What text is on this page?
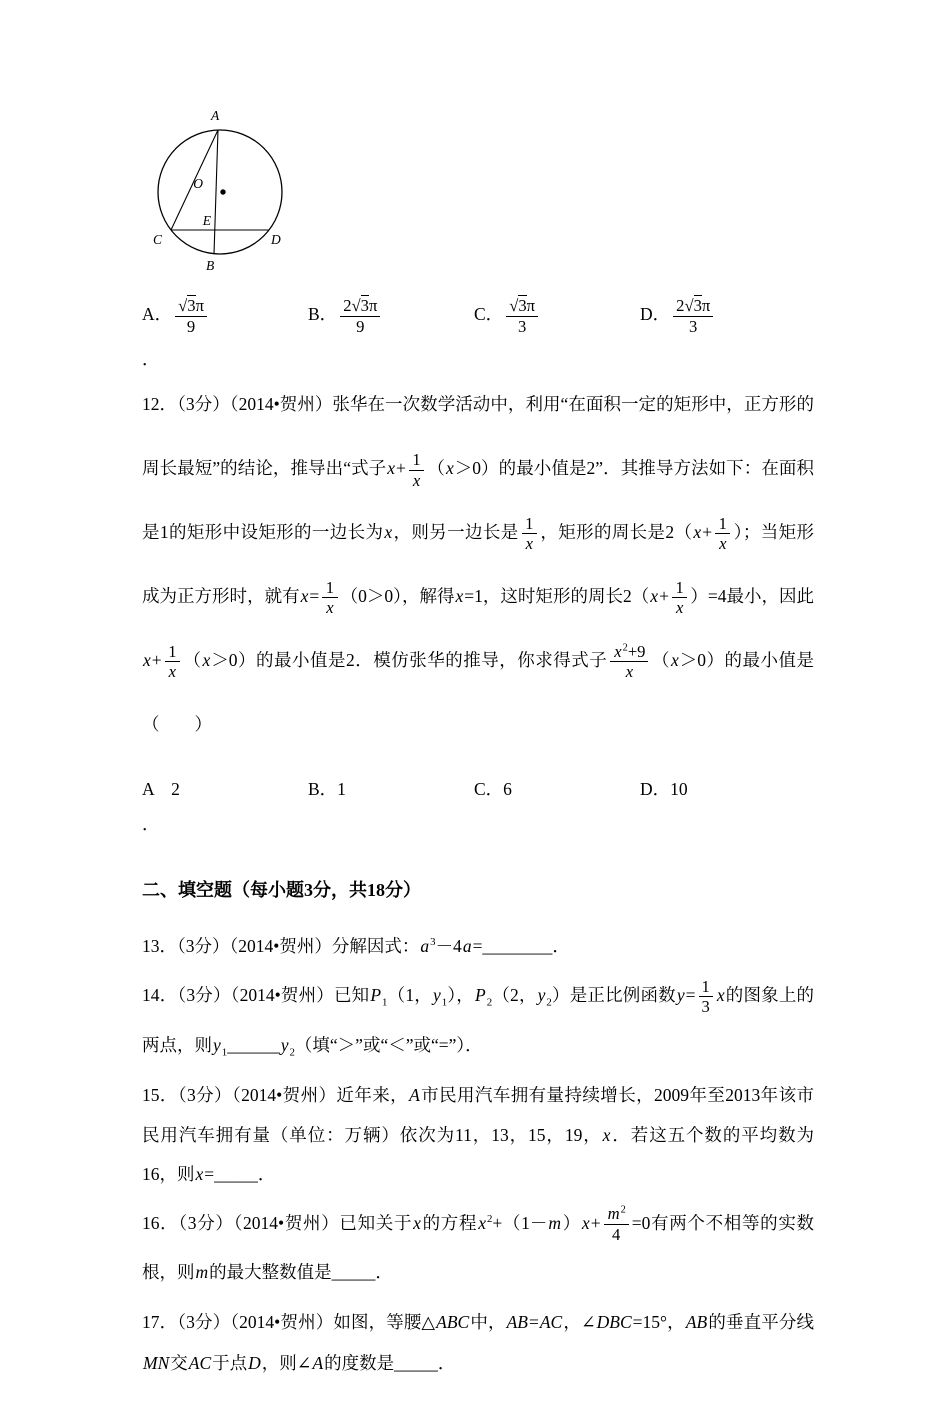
A
O
E
C
B
D
A． $\frac{√3\pi}{9}$	B． $\frac{2√3\pi}{9}$	C． $\frac{√3\pi}{3}$	D． $\frac{2√3\pi}{3}$

．

12．（3分）（2014•贺州）张华在一次数学活动中，利用“在面积一定的矩形中，正方形的周长最短”的结论，推导出“式子$x+ \frac{1}{x} (x>0)$的最小值是2”．其推导方法如下：在面积是1的矩形中设矩形的一边长为x，则另一边长是 $\frac{1}{x}$ ，矩形的周长是$2(x+ \frac{1}{x}$ ）；当矩形成为正方形时，就有$x= \frac{1}{x} (0>0)$，解得x=1，这时矩形的周长$2(x+ \frac{1}{x} )=4$最小，因此$x+ \frac{1}{x} (x>0)$的最小值是2．模仿张华的推导，你求得式子 $\frac{x^2+9}{x} (x>0)$的最小值是（　　）

A　2	B．1	C．6	D．10

．

二、填空题（每小题3分，共18分）

13．（3分）（2014•贺州）分解因式：$a^3-4a=\_\_\_\_\_\_\_\_$．

14．（3分）（2014•贺州）已知$P_1(1$，$y_1$），$P_2(2$，$y_2$）是正比例函数$y= \frac{1}{3}$ x的图象上的两点，则$y_1\_\_\_\_\_\_y_2$（填“＞”或“＜”或“=”）．

15．（3分）（2014•贺州）近年来，A市民用汽车拥有量持续增长，2009年至2013年该市民用汽车拥有量（单位：万辆）依次为11，13，15，19，x．若这五个数的平均数为16，则x=_____．

16．（3分）（2014•贺州）已知关于x的方程$x^2+(1-m)x+ \frac{m^2}{4} =0$有两个不相等的实数根，则m的最大整数值是_____．

17．（3分）（2014•贺州）如图，等腰△ABC中，AB=AC，∠DBC=15°，AB的垂直平分线MN交AC于点D，则∠A的度数是_____．
